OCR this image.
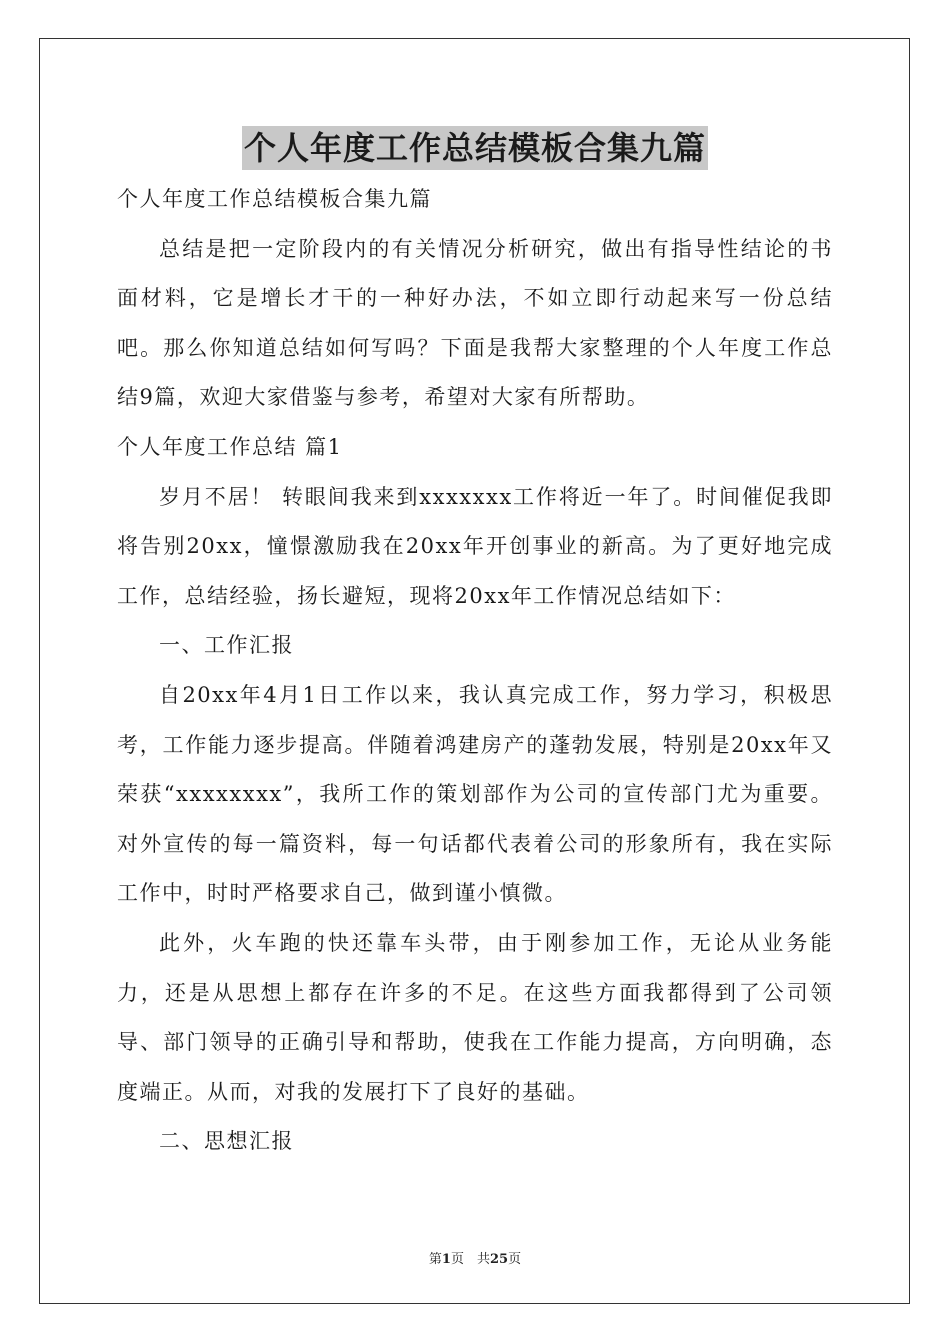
个人年度工作总结模板合集九篇
个人年度工作总结模板合集九篇
总结是把一定阶段内的有关情况分析研究，做出有指导性结论的书面材料，它是增长才干的一种好办法，不如立即行动起来写一份总结吧。那么你知道总结如何写吗？下面是我帮大家整理的个人年度工作总结9篇，欢迎大家借鉴与参考，希望对大家有所帮助。
个人年度工作总结 篇1
岁月不居！ 转眼间我来到xxxxxxx工作将近一年了。时间催促我即将告别20xx，憧憬激励我在20xx年开创事业的新高。为了更好地完成工作，总结经验，扬长避短，现将20xx年工作情况总结如下：
一、工作汇报
自20xx年4月1日工作以来，我认真完成工作，努力学习，积极思考，工作能力逐步提高。伴随着鸿建房产的蓬勃发展，特别是20xx年又荣获“xxxxxxxx”，我所工作的策划部作为公司的宣传部门尤为重要。对外宣传的每一篇资料，每一句话都代表着公司的形象所有，我在实际工作中，时时严格要求自己，做到谨小慎微。
此外，火车跑的快还靠车头带，由于刚参加工作，无论从业务能力，还是从思想上都存在许多的不足。在这些方面我都得到了公司领导、部门领导的正确引导和帮助，使我在工作能力提高，方向明确，态度端正。从而，对我的发展打下了良好的基础。
二、思想汇报
第1页　共25页
